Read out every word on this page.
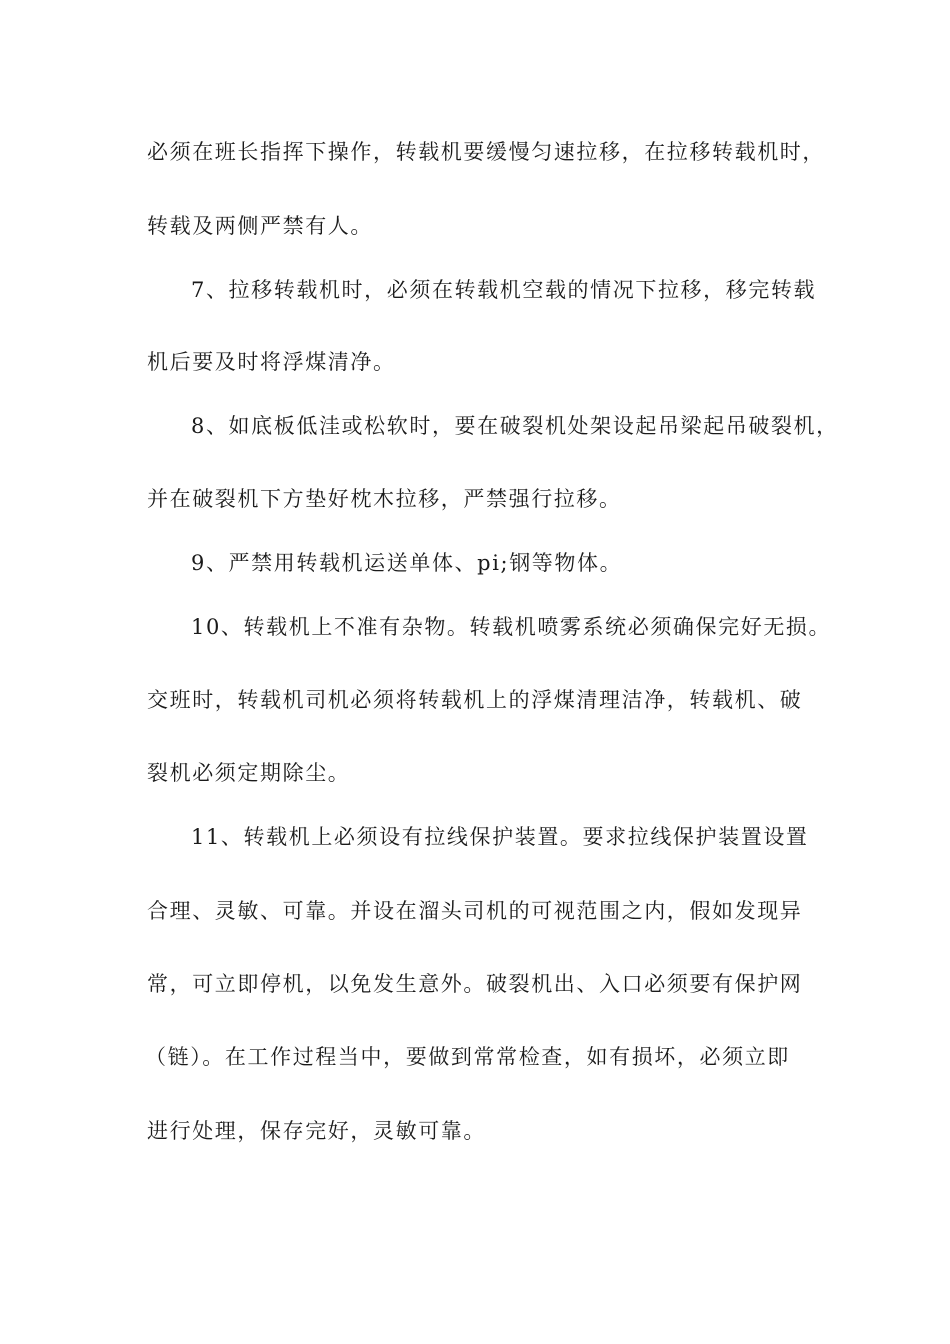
必须在班长指挥下操作，转载机要缓慢匀速拉移，在拉移转载机时，
转载及两侧严禁有人。
7、拉移转载机时，必须在转载机空载的情况下拉移，移完转载
机后要及时将浮煤清净。
8、如底板低洼或松软时，要在破裂机处架设起吊梁起吊破裂机，
并在破裂机下方垫好枕木拉移，严禁强行拉移。
9、严禁用转载机运送单体、pi;钢等物体。
10、转载机上不准有杂物。转载机喷雾系统必须确保完好无损。
交班时，转载机司机必须将转载机上的浮煤清理洁净，转载机、破
裂机必须定期除尘。
11、转载机上必须设有拉线保护装置。要求拉线保护装置设置
合理、灵敏、可靠。并设在溜头司机的可视范围之内，假如发现异
常，可立即停机，以免发生意外。破裂机出、入口必须要有保护网
（链）。在工作过程当中，要做到常常检查，如有损坏，必须立即
进行处理，保存完好，灵敏可靠。
